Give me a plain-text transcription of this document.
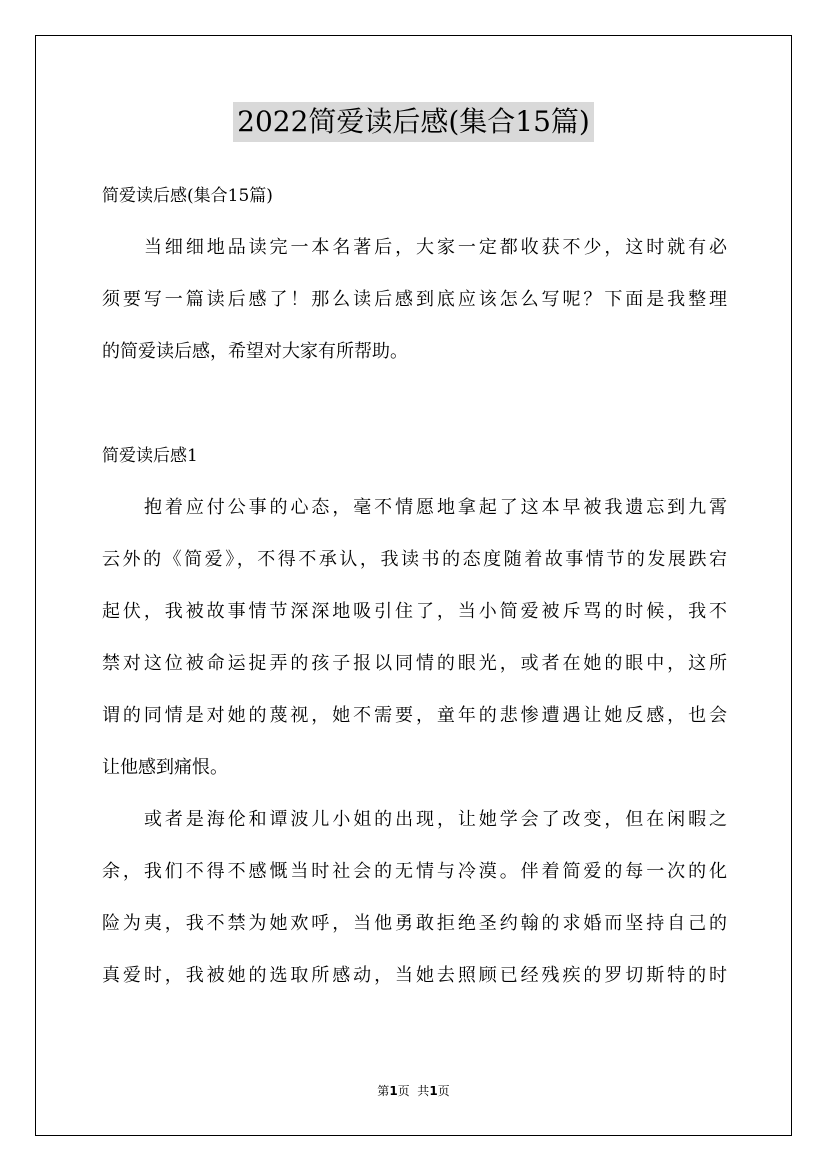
2022简爱读后感(集合15篇)
简爱读后感(集合15篇)
当细细地品读完一本名著后，大家一定都收获不少，这时就有必
须要写一篇读后感了！那么读后感到底应该怎么写呢？下面是我整理
的简爱读后感，希望对大家有所帮助。
简爱读后感1
抱着应付公事的心态，毫不情愿地拿起了这本早被我遗忘到九霄
云外的《简爱》，不得不承认，我读书的态度随着故事情节的发展跌宕
起伏，我被故事情节深深地吸引住了，当小简爱被斥骂的时候，我不
禁对这位被命运捉弄的孩子报以同情的眼光，或者在她的眼中，这所
谓的同情是对她的蔑视，她不需要，童年的悲惨遭遇让她反感，也会
让他感到痛恨。
或者是海伦和谭波儿小姐的出现，让她学会了改变，但在闲暇之
余，我们不得不感慨当时社会的无情与冷漠。伴着简爱的每一次的化
险为夷，我不禁为她欢呼，当他勇敢拒绝圣约翰的求婚而坚持自己的
真爱时，我被她的选取所感动，当她去照顾已经残疾的罗切斯特的时
第1页  共1页
